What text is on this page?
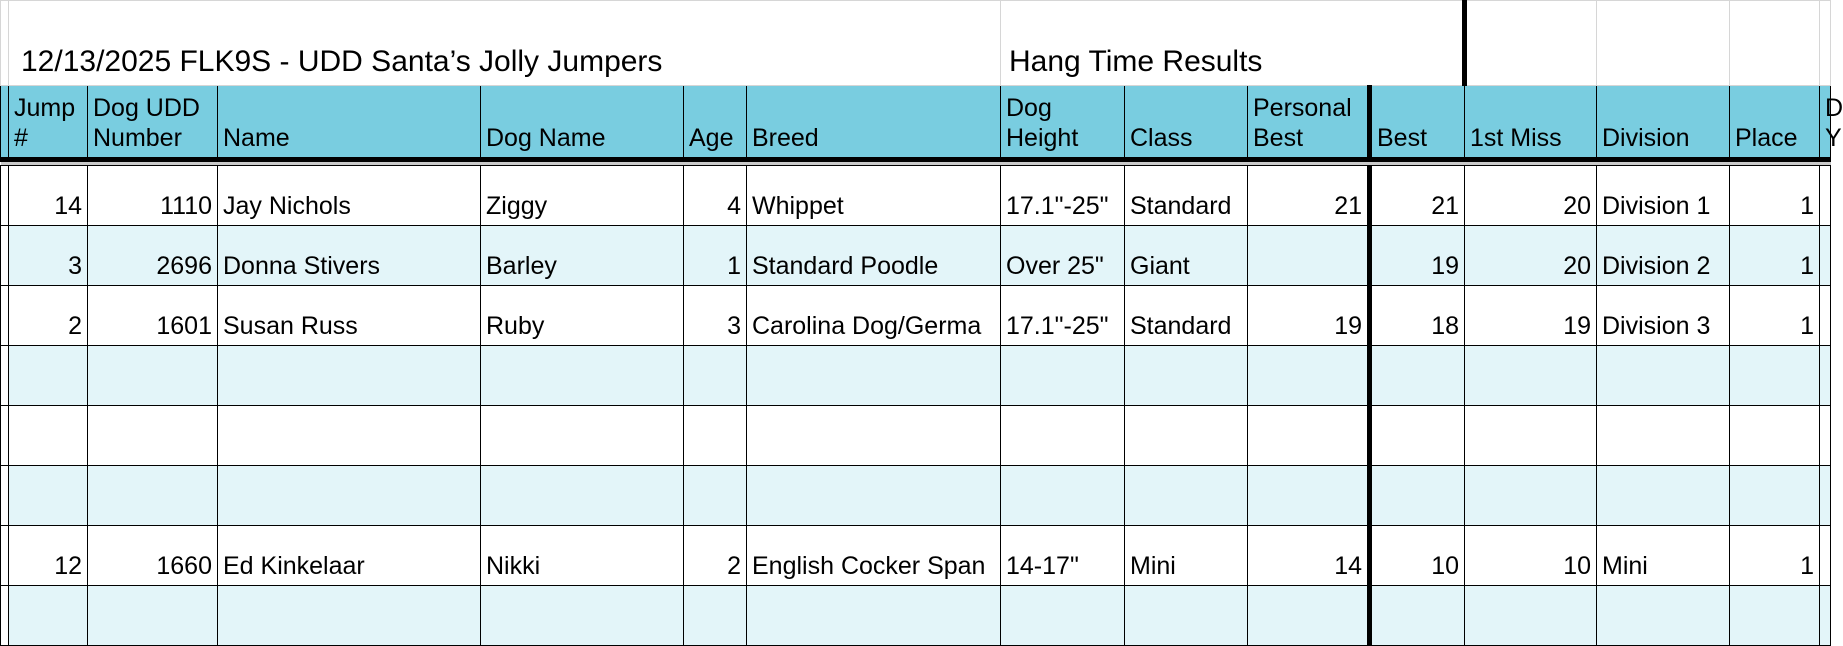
	12/13/2025 FLK9S - UDD Santa’s Jolly Jumpers						Hang Time Results								
	Jump #	Dog UDD Number	Name	Dog Name	Age	Breed	Dog Height	Class	Personal Best	Best	1st Miss	Division	Place	D Y	

	14	1110	Jay Nichols	Ziggy	4	Whippet	17.1"-25"	Standard	21	21	20	Division 1	1		
	3	2696	Donna Stivers	Barley	1	Standard Poodle	Over 25"	Giant		19	20	Division 2	1		
	2	1601	Susan Russ	Ruby	3	Carolina Dog/Germa	17.1"-25"	Standard	19	18	19	Division 3	1		

	12	1660	Ed Kinkelaar	Nikki	2	English Cocker Span	14-17"	Mini	14	10	10	Mini	1		
